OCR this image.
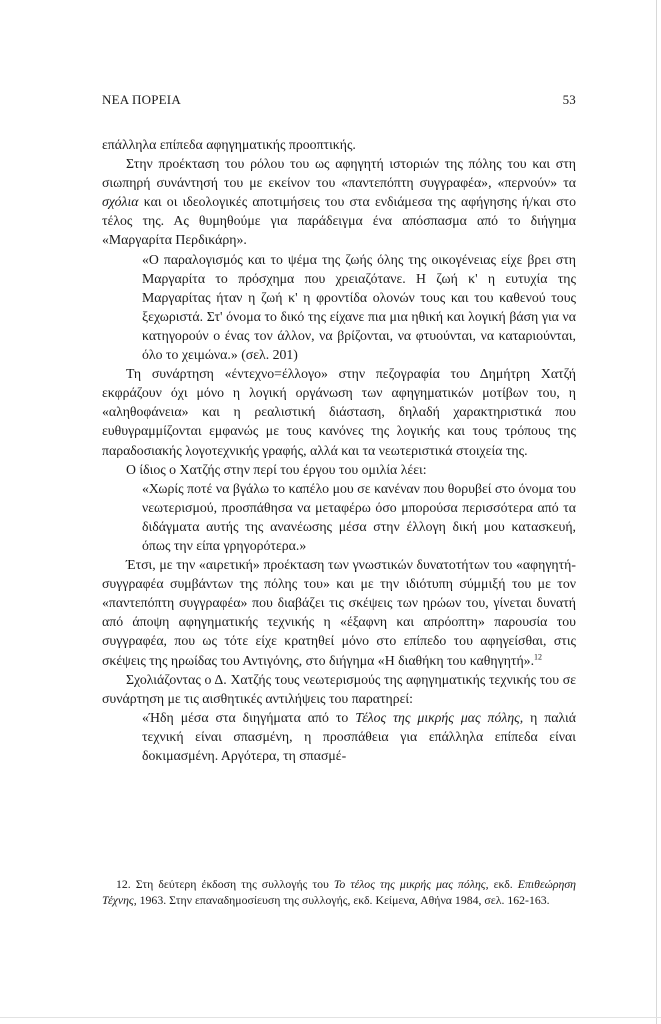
ΝΕΑ ΠΟΡΕΙΑ	53

επάλληλα επίπεδα αφηγηματικής προοπτικής.

Στην προέκταση του ρόλου του ως αφηγητή ιστοριών της πόλης του και στη σιωπηρή συνάντησή του με εκείνον του «παντεπόπτη συγγραφέα», «περνούν» τα σχόλια και οι ιδεολογικές αποτιμήσεις του στα ενδιάμεσα της αφήγησης ή/και στο τέλος της. Ας θυμηθούμε για παράδειγμα ένα απόσπασμα από το διήγημα «Μαργαρίτα Περδικάρη».

«Ο παραλογισμός και το ψέμα της ζωής όλης της οικογένειας είχε βρει στη Μαργαρίτα το πρόσχημα που χρειαζότανε. Η ζωή κ' η ευτυχία της Μαργαρίτας ήταν η ζωή κ' η φροντίδα ολονών τους και του καθενού τους ξεχωριστά. Στ' όνομα το δικό της είχανε πια μια ηθική και λογική βάση για να κατηγορούν ο ένας τον άλλον, να βρίζονται, να φτυούνται, να καταριούνται, όλο το χειμώνα.» (σελ. 201)

Τη συνάρτηση «έντεχνο=έλλογο» στην πεζογραφία του Δημήτρη Χατζή εκφράζουν όχι μόνο η λογική οργάνωση των αφηγηματικών μοτίβων του, η «αληθοφάνεια» και η ρεαλιστική διάσταση, δηλαδή χαρακτηριστικά που ευθυγραμμίζονται εμφανώς με τους κανόνες της λογικής και τους τρόπους της παραδοσιακής λογοτεχνικής γραφής, αλλά και τα νεωτεριστικά στοιχεία της.

Ο ίδιος ο Χατζής στην περί του έργου του ομιλία λέει:

«Χωρίς ποτέ να βγάλω το καπέλο μου σε κανέναν που θορυβεί στο όνομα του νεωτερισμού, προσπάθησα να μεταφέρω όσο μπορούσα περισσότερα από τα διδάγματα αυτής της ανανέωσης μέσα στην έλλογη δική μου κατασκευή, όπως την είπα γρηγορότερα.»

Έτσι, με την «αιρετική» προέκταση των γνωστικών δυνατοτήτων του «αφηγητή-συγγραφέα συμβάντων της πόλης του» και με την ιδιότυπη σύμμιξή του με τον «παντεπόπτη συγγραφέα» που διαβάζει τις σκέψεις των ηρώων του, γίνεται δυνατή από άποψη αφηγηματικής τεχνικής η «έξαφνη και απρόοπτη» παρουσία του συγγραφέα, που ως τότε είχε κρατηθεί μόνο στο επίπεδο του αφηγείσθαι, στις σκέψεις της ηρωίδας του Αντιγόνης, στο διήγημα «Η διαθήκη του καθηγητή».$^{12}$

Σχολιάζοντας ο Δ. Χατζής τους νεωτερισμούς της αφηγηματικής τεχνικής του σε συνάρτηση με τις αισθητικές αντιλήψεις του παρατηρεί:

«Ήδη μέσα στα διηγήματα από το Τέλος της μικρής μας πόλης, η παλιά τεχνική είναι σπασμένη, η προσπάθεια για επάλληλα επίπεδα είναι δοκιμασμένη. Αργότερα, τη σπασμέ-

12. Στη δεύτερη έκδοση της συλλογής του Το τέλος της μικρής μας πόλης, εκδ. Επιθεώρηση Τέχνης, 1963. Στην επαναδημοσίευση της συλλογής, εκδ. Κείμενα, Αθήνα 1984, σελ. 162-163.
